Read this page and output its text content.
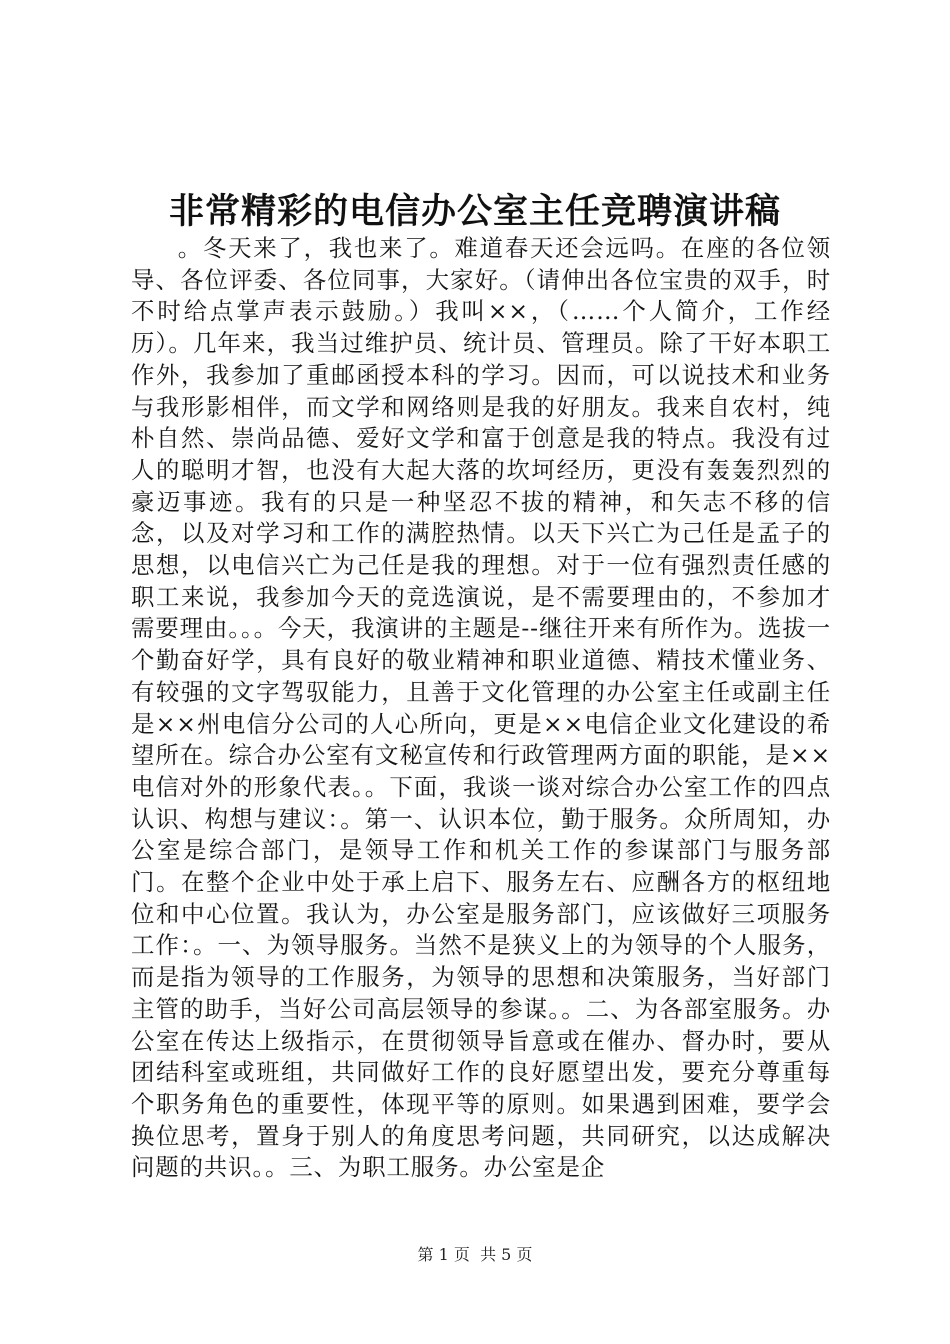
非常精彩的电信办公室主任竞聘演讲稿

。冬天来了，我也来了。难道春天还会远吗。在座的各位领导、各位评委、各位同事，大家好。（请伸出各位宝贵的双手，时不时给点掌声表示鼓励。）我叫××，（……个人简介，工作经历）。几年来，我当过维护员、统计员、管理员。除了干好本职工作外，我参加了重邮函授本科的学习。因而，可以说技术和业务与我形影相伴，而文学和网络则是我的好朋友。我来自农村，纯朴自然、崇尚品德、爱好文学和富于创意是我的特点。我没有过人的聪明才智，也没有大起大落的坎坷经历，更没有轰轰烈烈的豪迈事迹。我有的只是一种坚忍不拔的精神，和矢志不移的信念，以及对学习和工作的满腔热情。以天下兴亡为己任是孟子的思想，以电信兴亡为己任是我的理想。对于一位有强烈责任感的职工来说，我参加今天的竞选演说，是不需要理由的，不参加才需要理由。。。今天，我演讲的主题是--继往开来有所作为。选拔一个勤奋好学，具有良好的敬业精神和职业道德、精技术懂业务、有较强的文字驾驭能力，且善于文化管理的办公室主任或副主任是××州电信分公司的人心所向，更是××电信企业文化建设的希望所在。综合办公室有文秘宣传和行政管理两方面的职能，是××电信对外的形象代表。。下面，我谈一谈对综合办公室工作的四点认识、构想与建议：。第一、认识本位，勤于服务。众所周知，办公室是综合部门，是领导工作和机关工作的参谋部门与服务部门。在整个企业中处于承上启下、服务左右、应酬各方的枢纽地位和中心位置。我认为，办公室是服务部门，应该做好三项服务工作：。一、为领导服务。当然不是狭义上的为领导的个人服务，而是指为领导的工作服务，为领导的思想和决策服务，当好部门主管的助手，当好公司高层领导的参谋。。二、为各部室服务。办公室在传达上级指示，在贯彻领导旨意或在催办、督办时，要从团结科室或班组，共同做好工作的良好愿望出发，要充分尊重每个职务角色的重要性，体现平等的原则。如果遇到困难，要学会换位思考，置身于别人的角度思考问题，共同研究，以达成解决问题的共识。。三、为职工服务。办公室是企

第 1 页  共 5 页
